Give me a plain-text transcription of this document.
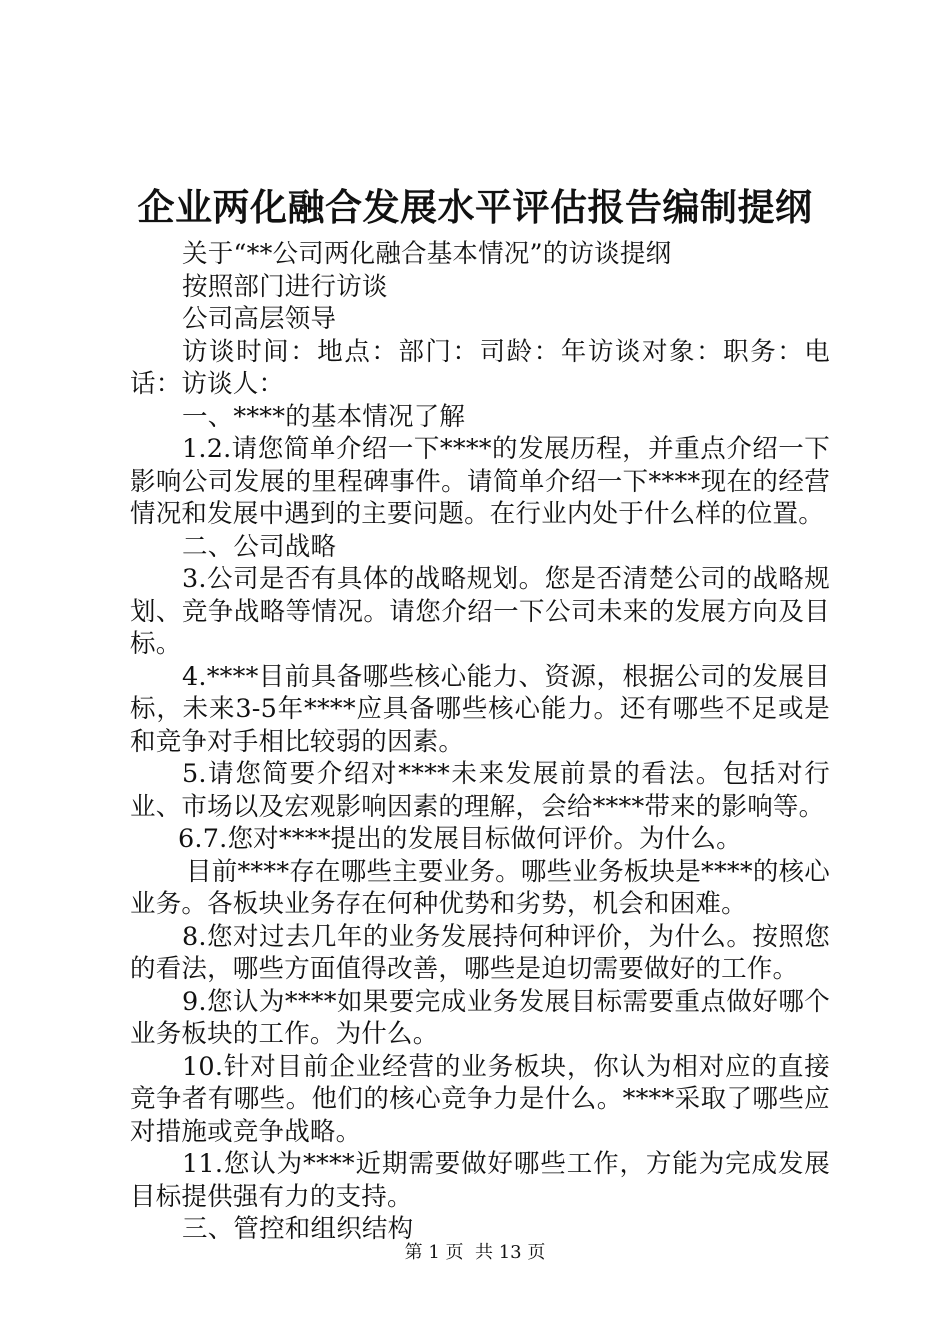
企业两化融合发展水平评估报告编制提纲

关于“**公司两化融合基本情况”的访谈提纲

按照部门进行访谈

公司高层领导

访谈时间：地点：部门：司龄：年访谈对象：职务：电话：访谈人：

一、****的基本情况了解

1.2.请您简单介绍一下****的发展历程，并重点介绍一下影响公司发展的里程碑事件。请简单介绍一下****现在的经营情况和发展中遇到的主要问题。在行业内处于什么样的位置。

二、公司战略

3.公司是否有具体的战略规划。您是否清楚公司的战略规划、竞争战略等情况。请您介绍一下公司未来的发展方向及目标。

4.****目前具备哪些核心能力、资源，根据公司的发展目标，未来3-5年****应具备哪些核心能力。还有哪些不足或是和竞争对手相比较弱的因素。

5.请您简要介绍对****未来发展前景的看法。包括对行业、市场以及宏观影响因素的理解，会给****带来的影响等。

6.7.您对****提出的发展目标做何评价。为什么。

目前****存在哪些主要业务。哪些业务板块是****的核心业务。各板块业务存在何种优势和劣势，机会和困难。

8.您对过去几年的业务发展持何种评价，为什么。按照您的看法，哪些方面值得改善，哪些是迫切需要做好的工作。

9.您认为****如果要完成业务发展目标需要重点做好哪个业务板块的工作。为什么。

10.针对目前企业经营的业务板块，你认为相对应的直接竞争者有哪些。他们的核心竞争力是什么。****采取了哪些应对措施或竞争战略。

11.您认为****近期需要做好哪些工作，方能为完成发展目标提供强有力的支持。

三、管控和组织结构

第 1 页  共 13 页
